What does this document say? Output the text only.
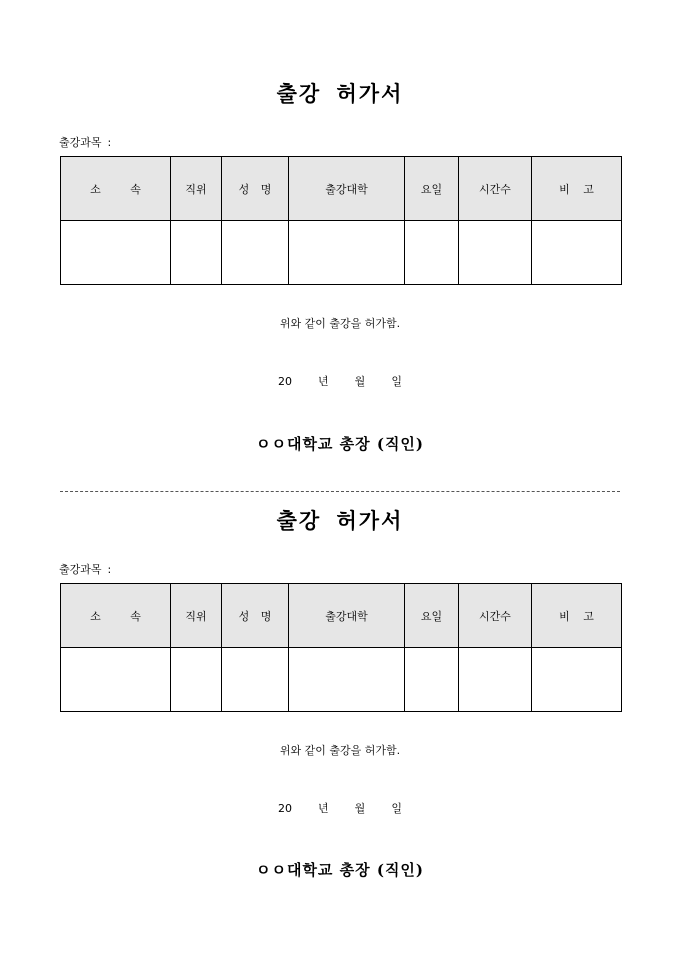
출강 허가서
출강과목 :
소 속	직위	성 명	출강대학	요일	시간수	비 고

위와 같이 출강을 허가함.
20 년 월 일
ㅇㅇ대학교 총장 (직인)
출강 허가서
출강과목 :
소 속	직위	성 명	출강대학	요일	시간수	비 고

위와 같이 출강을 허가함.
20 년 월 일
ㅇㅇ대학교 총장 (직인)
